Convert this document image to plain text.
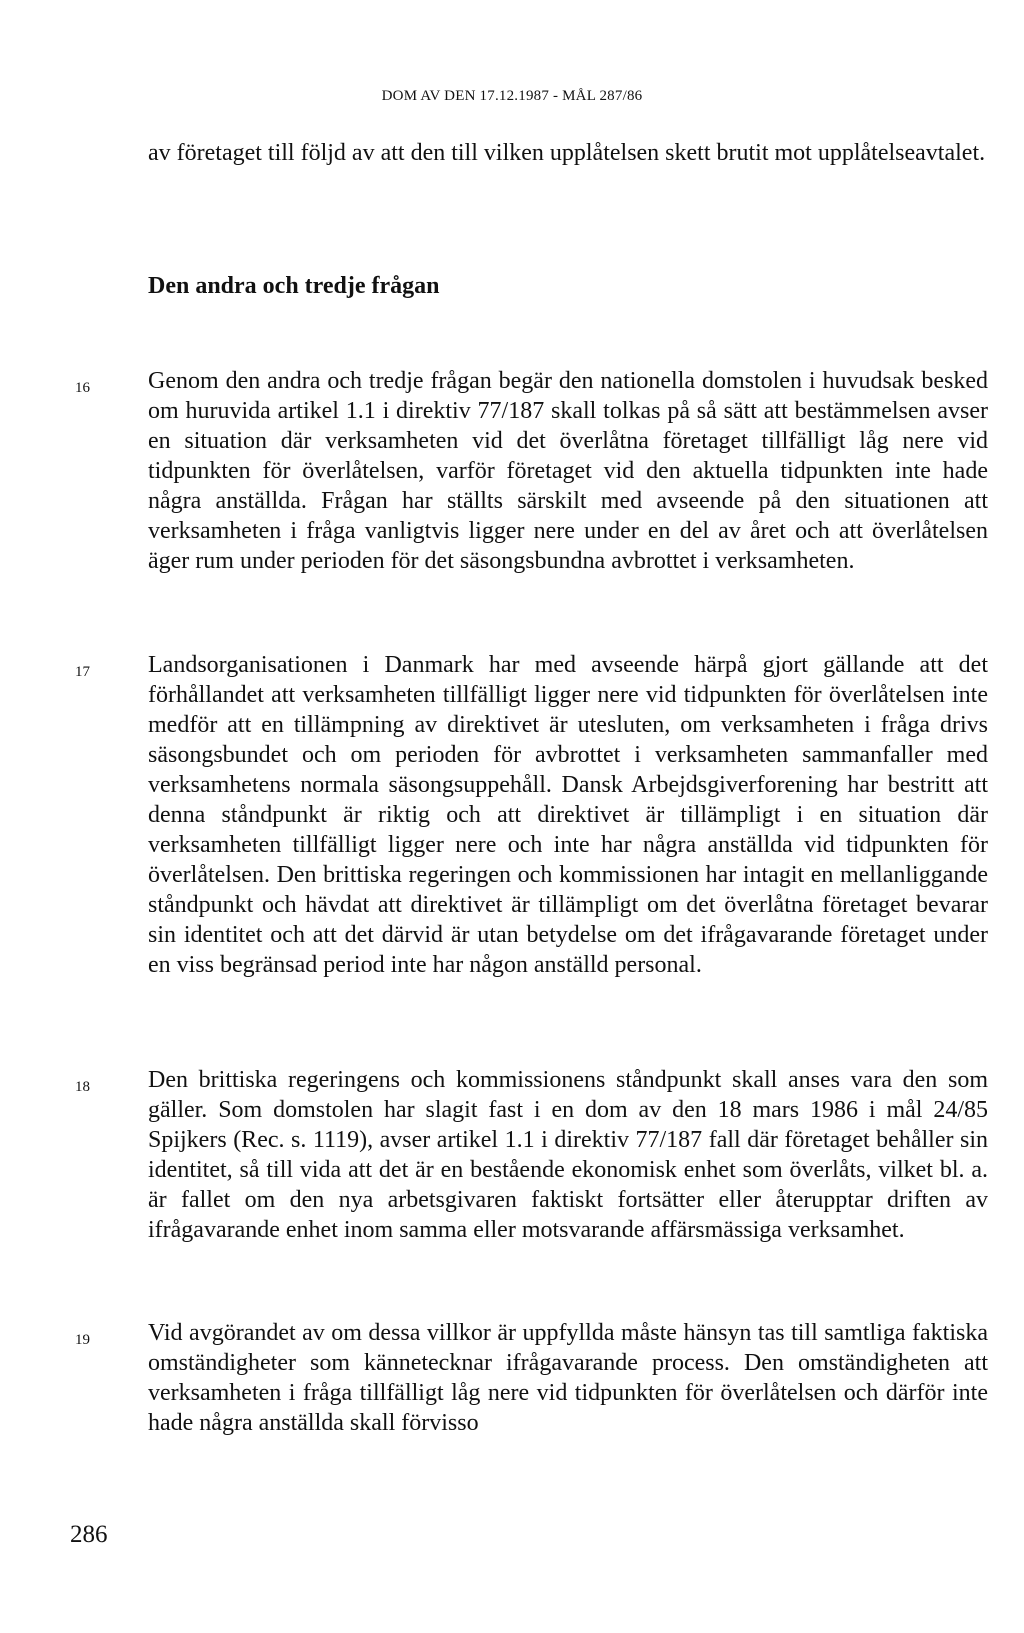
DOM AV DEN 17.12.1987 - MÅL 287/86
av företaget till följd av att den till vilken upplåtelsen skett brutit mot upplåtelseavtalet.
Den andra och tredje frågan
16 Genom den andra och tredje frågan begär den nationella domstolen i huvudsak besked om huruvida artikel 1.1 i direktiv 77/187 skall tolkas på så sätt att bestämmelsen avser en situation där verksamheten vid det överlåtna företaget tillfälligt låg nere vid tidpunkten för överlåtelsen, varför företaget vid den aktuella tidpunkten inte hade några anställda. Frågan har ställts särskilt med avseende på den situationen att verksamheten i fråga vanligtvis ligger nere under en del av året och att överlåtelsen äger rum under perioden för det säsongsbundna avbrottet i verksamheten.
17 Landsorganisationen i Danmark har med avseende härpå gjort gällande att det förhållandet att verksamheten tillfälligt ligger nere vid tidpunkten för överlåtelsen inte medför att en tillämpning av direktivet är utesluten, om verksamheten i fråga drivs säsongsbundet och om perioden för avbrottet i verksamheten sammanfaller med verksamhetens normala säsongsuppehåll. Dansk Arbejdsgiverforening har bestritt att denna ståndpunkt är riktig och att direktivet är tillämpligt i en situation där verksamheten tillfälligt ligger nere och inte har några anställda vid tidpunkten för överlåtelsen. Den brittiska regeringen och kommissionen har intagit en mellanliggande ståndpunkt och hävdat att direktivet är tillämpligt om det överlåtna företaget bevarar sin identitet och att det därvid är utan betydelse om det ifrågavarande företaget under en viss begränsad period inte har någon anställd personal.
18 Den brittiska regeringens och kommissionens ståndpunkt skall anses vara den som gäller. Som domstolen har slagit fast i en dom av den 18 mars 1986 i mål 24/85 Spijkers (Rec. s. 1119), avser artikel 1.1 i direktiv 77/187 fall där företaget behåller sin identitet, så till vida att det är en bestående ekonomisk enhet som överlåts, vilket bl. a. är fallet om den nya arbetsgivaren faktiskt fortsätter eller återupptar driften av ifrågavarande enhet inom samma eller motsvarande affärsmässiga verksamhet.
19 Vid avgörandet av om dessa villkor är uppfyllda måste hänsyn tas till samtliga faktiska omständigheter som kännetecknar ifrågavarande process. Den omständigheten att verksamheten i fråga tillfälligt låg nere vid tidpunkten för överlåtelsen och därför inte hade några anställda skall förvisso
286
